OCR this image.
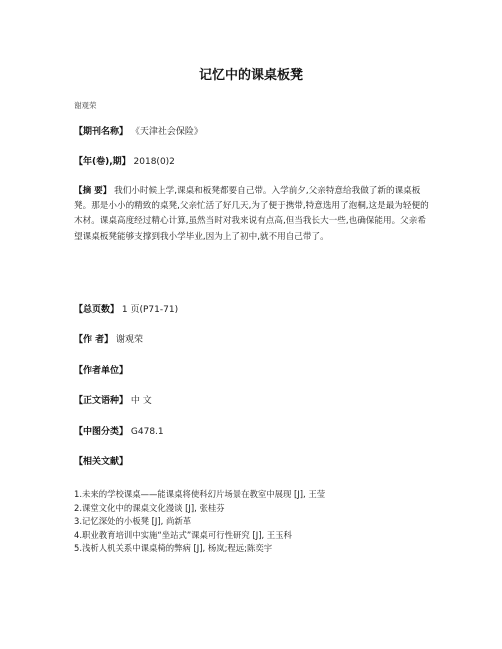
记忆中的课桌板凳
谢观荣
【期刊名称】 《天津社会保险》
【年(卷),期】 2018(0)2
【摘 要】 我们小时候上学,课桌和板凳都要自己带。入学前夕,父亲特意给我做了新的课桌板凳。那是小小的精致的桌凳,父亲忙活了好几天,为了便于携带,特意选用了泡桐,这是最为轻便的木材。课桌高度经过精心计算,虽然当时对我来说有点高,但当我长大一些,也确保能用。父亲希望课桌板凳能够支撑到我小学毕业,因为上了初中,就不用自己带了。
【总页数】 1 页(P71-71)
【作 者】 谢观荣
【作者单位】
【正文语种】 中 文
【中图分类】 G478.1
【相关文献】
1.未来的学校课桌——能课桌将使科幻片场景在教室中展现 [J], 王莹
2.课堂文化中的课桌文化漫谈 [J], 张桂芬
3.记忆深处的小板凳 [J], 尚新革
4.职业教育培训中实施“坐站式”课桌可行性研究 [J], 王玉科
5.浅析人机关系中课桌椅的弊病 [J], 杨岚;程远;陈奕宇
